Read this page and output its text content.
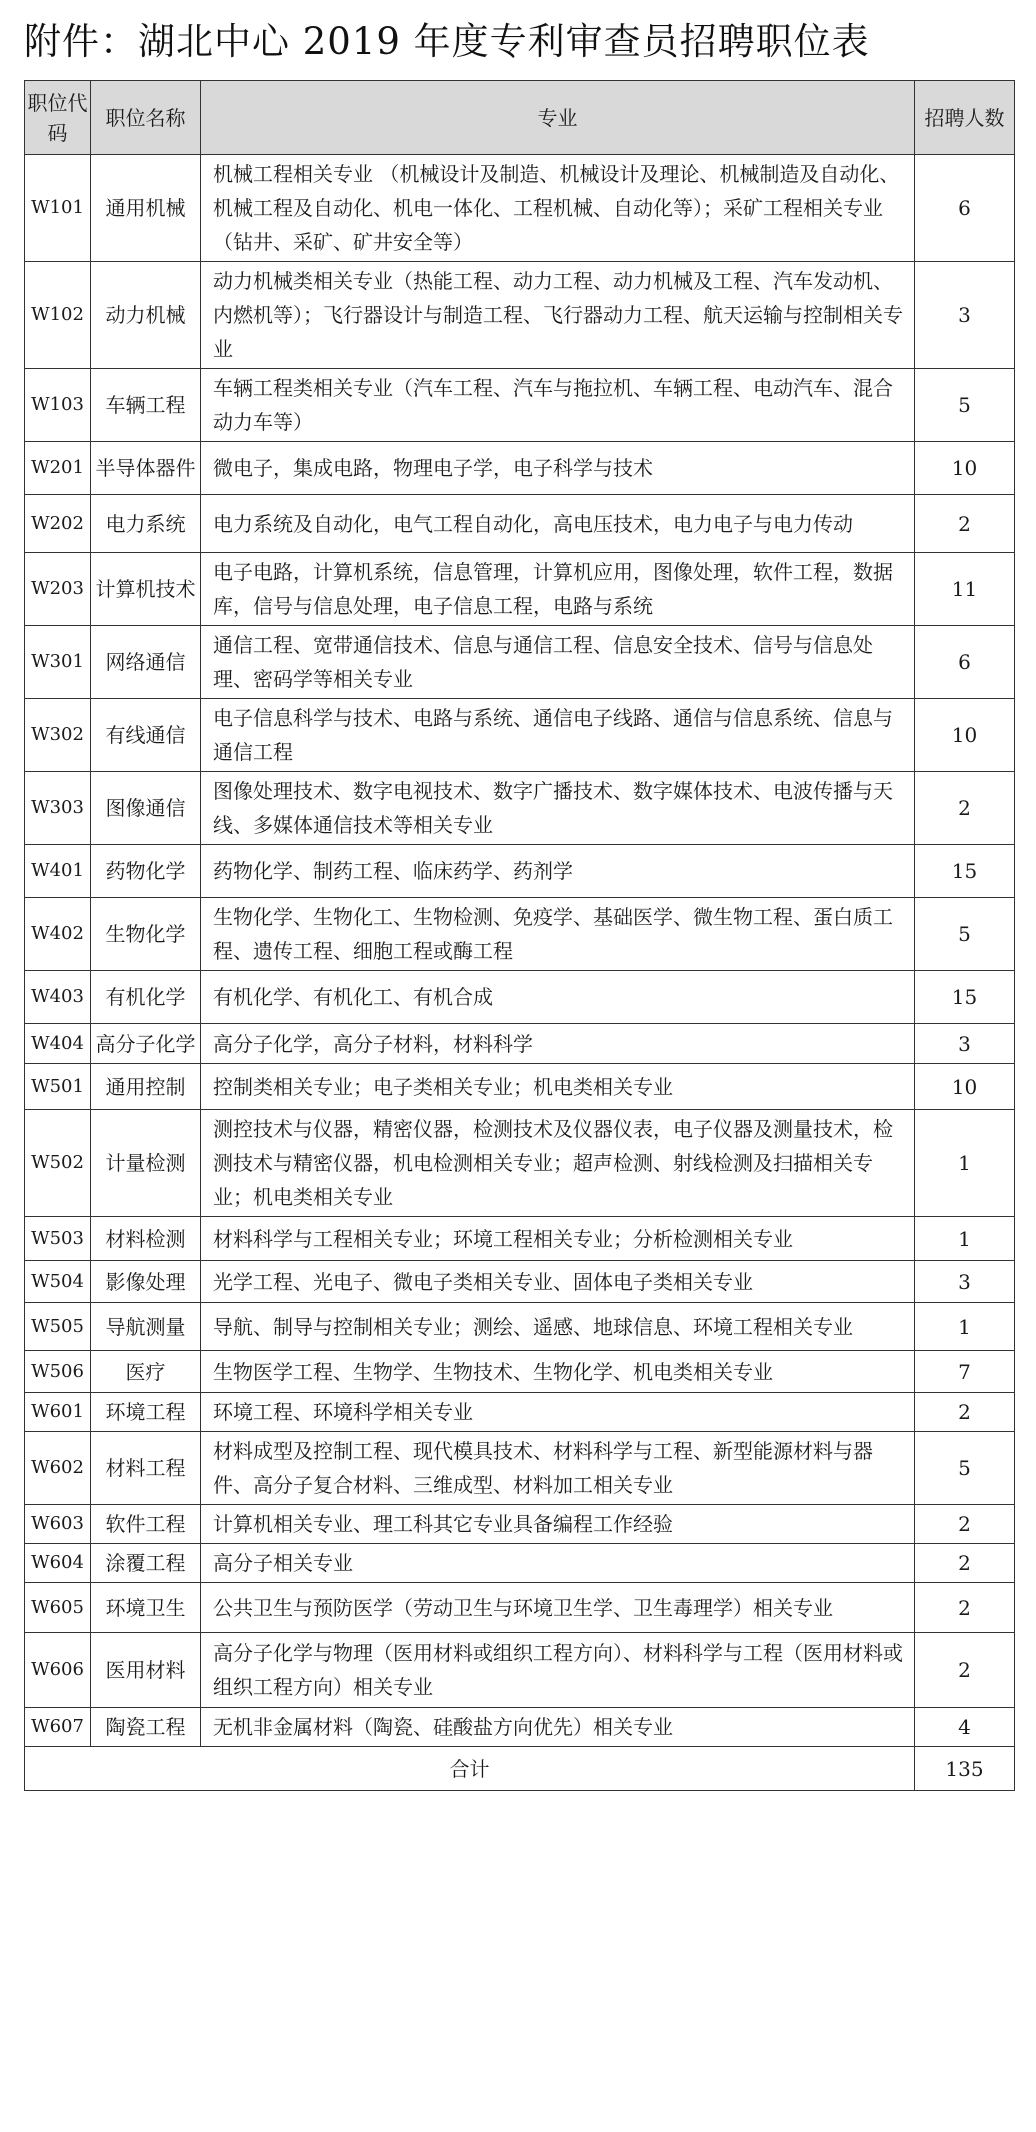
附件：湖北中心 2019 年度专利审查员招聘职位表
职位代码	职位名称	专业	招聘人数
W101	通用机械	机械工程相关专业 （机械设计及制造、机械设计及理论、机械制造及自动化、机械工程及自动化、机电一体化、工程机械、自动化等）；采矿工程相关专业（钻井、采矿、矿井安全等）	6
W102	动力机械	动力机械类相关专业（热能工程、动力工程、动力机械及工程、汽车发动机、内燃机等）；飞行器设计与制造工程、飞行器动力工程、航天运输与控制相关专业	3
W103	车辆工程	车辆工程类相关专业（汽车工程、汽车与拖拉机、车辆工程、电动汽车、混合动力车等）	5
W201	半导体器件	微电子，集成电路，物理电子学，电子科学与技术	10
W202	电力系统	电力系统及自动化，电气工程自动化，高电压技术，电力电子与电力传动	2
W203	计算机技术	电子电路，计算机系统，信息管理，计算机应用，图像处理，软件工程，数据库，信号与信息处理，电子信息工程，电路与系统	11
W301	网络通信	通信工程、宽带通信技术、信息与通信工程、信息安全技术、信号与信息处理、密码学等相关专业	6
W302	有线通信	电子信息科学与技术、电路与系统、通信电子线路、通信与信息系统、信息与通信工程	10
W303	图像通信	图像处理技术、数字电视技术、数字广播技术、数字媒体技术、电波传播与天线、多媒体通信技术等相关专业	2
W401	药物化学	药物化学、制药工程、临床药学、药剂学	15
W402	生物化学	生物化学、生物化工、生物检测、免疫学、基础医学、微生物工程、蛋白质工程、遗传工程、细胞工程或酶工程	5
W403	有机化学	有机化学、有机化工、有机合成	15
W404	高分子化学	高分子化学，高分子材料，材料科学	3
W501	通用控制	控制类相关专业；电子类相关专业；机电类相关专业	10
W502	计量检测	测控技术与仪器，精密仪器，检测技术及仪器仪表，电子仪器及测量技术，检测技术与精密仪器，机电检测相关专业；超声检测、射线检测及扫描相关专业；机电类相关专业	1
W503	材料检测	材料科学与工程相关专业；环境工程相关专业；分析检测相关专业	1
W504	影像处理	光学工程、光电子、微电子类相关专业、固体电子类相关专业	3
W505	导航测量	导航、制导与控制相关专业；测绘、遥感、地球信息、环境工程相关专业	1
W506	医疗	生物医学工程、生物学、生物技术、生物化学、机电类相关专业	7
W601	环境工程	环境工程、环境科学相关专业	2
W602	材料工程	材料成型及控制工程、现代模具技术、材料科学与工程、新型能源材料与器件、高分子复合材料、三维成型、材料加工相关专业	5
W603	软件工程	计算机相关专业、理工科其它专业具备编程工作经验	2
W604	涂覆工程	高分子相关专业	2
W605	环境卫生	公共卫生与预防医学（劳动卫生与环境卫生学、卫生毒理学）相关专业	2
W606	医用材料	高分子化学与物理（医用材料或组织工程方向）、材料科学与工程（医用材料或组织工程方向）相关专业	2
W607	陶瓷工程	无机非金属材料（陶瓷、硅酸盐方向优先）相关专业	4
合计			135
